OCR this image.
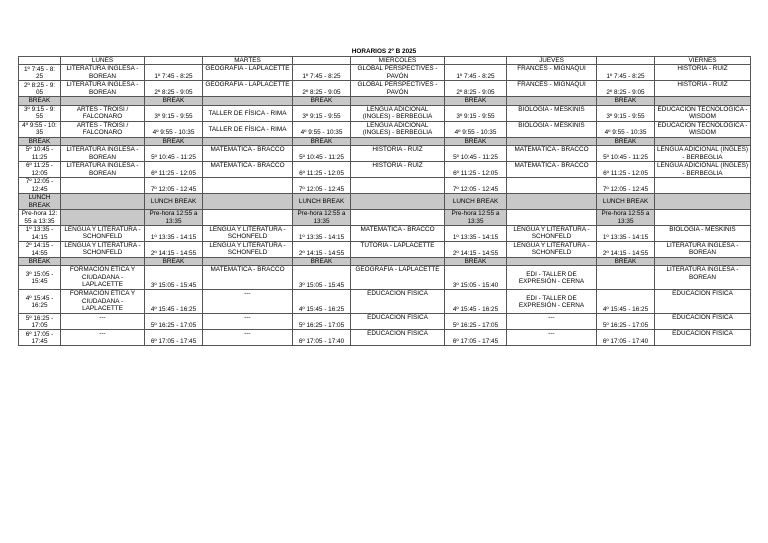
HORARIOS 2º B 2025
	LUNES		MARTES		MIERCOLES		JUEVES		VIERNES
1º 7:45 - 8: 25	LITERATURA INGLESA - BOREAN	1º 7:45 - 8:25	GEOGRAFÍA - LAPLACETTE	1º 7:45 - 8:25	GLOBAL PERSPECTIVES - PAVÓN	1º 7:45 - 8:25	FRANCÉS - MIGNAQUI	1º 7:45 - 8:25	HISTORIA - RUIZ
2º 8:25 - 9: 05	LITERATURA INGLESA - BOREAN	2º 8:25 - 9:05	GEOGRAFÍA - LAPLACETTE	2º 8:25 - 9:05	GLOBAL PERSPECTIVES - PAVÓN	2º 8:25 - 9:05	FRANCÉS - MIGNAQUI	2º 8:25 - 9:05	HISTORIA - RUÍZ
BREAK		BREAK		BREAK		BREAK		BREAK	
3º 9:15 - 9: 55	ARTES - TROISI / FALCONARO	3º 9:15 - 9:55	TALLER DE FÍSICA - RIMA	3º 9:15 - 9:55	LENGUA ADICIONAL (INGLES) - BERBEGLIA	3º 9:15 - 9:55	BIOLOGÍA - MESKINIS	3º 9:15 - 9:55	EDUCACIÓN TECNOLÓGICA - WISDOM
4º 9:55 - 10: 35	ARTES - TROISI / FALCONARO	4º 9:55 - 10:35	TALLER DE FÍSICA - RIMA	4º 9:55 - 10:35	LENGUA ADICIONAL (INGLES) - BERBEGLIA	4º 9:55 - 10:35	BIOLOGÍA - MESKINIS	4º 9:55 - 10:35	EDUCACIÓN TECNOLÓGICA - WISDOM
BREAK		BREAK		BREAK		BREAK		BREAK	
5º 10:45 - 11:25	LITERATURA INGLESA - BOREAN	5º 10:45 - 11:25	MATEMÁTICA - BRACCO	5º 10:45 - 11:25	HISTORIA - RUÍZ	5º 10:45 - 11:25	MATEMÁTICA - BRACCO	5º 10:45 - 11:25	LENGUA ADICIONAL (INGLES) - BERBEGLIA
6º 11:25 - 12:05	LITERATURA INGLESA - BOREAN	6º 11:25 - 12:05	MATEMÁTICA - BRACCO	6º 11:25 - 12:05	HISTORIA - RUÍZ	6º 11:25 - 12:05	MATEMÁTICA - BRACCO	6º 11:25 - 12:05	LENGUA ADICIONAL (INGLES) - BERBEGLIA
7º 12:05 - 12:45		7º 12:05 - 12:45		7º 12:05 - 12:45		7º 12:05 - 12:45		7º 12:05 - 12:45	
LUNCH BREAK		LUNCH BREAK		LUNCH BREAK		LUNCH BREAK		LUNCH BREAK	
Pre-hora 12: 55 a 13:35		Pre-hora 12:55 a 13:35		Pre-hora 12:55 a 13:35		Pre-hora 12:55 a 13:35		Pre-hora 12:55 a 13:35	
1º 13:35 - 14:15	LENGUA Y LITERATURA - SCHONFELD	1º 13:35 - 14:15	LENGUA Y LITERATURA - SCHONFELD	1º 13:35 - 14:15	MATEMÁTICA - BRACCO	1º 13:35 - 14:15	LENGUA Y LITERATURA - SCHONFELD	1º 13:35 - 14:15	BIOLOGÍA - MESKINIS
2º 14:15 - 14:55	LENGUA Y LITERATURA - SCHONFELD	2º 14:15 - 14:55	LENGUA Y LITERATURA - SCHONFELD	2º 14:15 - 14:55	TUTORÍA - LAPLACETTE	2º 14:15 - 14:55	LENGUA Y LITERATURA - SCHONFELD	2º 14:15 - 14:55	LITERATURA INGLESA - BOREAN
BREAK		BREAK		BREAK		BREAK		BREAK	
3º 15:05 - 15:45	FORMACIÓN ÉTICA Y CIUDADANA - LAPLACETTE	3º 15:05 - 15:45	MATEMÁTICA - BRACCO	3º 15:05 - 15:45	GEOGRAFÍA - LAPLACETTE	3º 15:05 - 15:40	EDI - TALLER DE EXPRESIÓN - CERNA		LITERATURA INGLESA - BOREAN
4º 15:45 - 16:25	FORMACIÓN ÉTICA Y CIUDADANA - LAPLACETTE	4º 15:45 - 16:25	---	4º 15:45 - 16:25	EDUCACIÓN FÍSICA	4º 15:45 - 16:25	EDI - TALLER DE EXPRESIÓN - CERNA	4º 15:45 - 16:25	EDUCACIÓN FÍSICA
5º 16:25 - 17:05	---	5º 16:25 - 17:05	---	5º 16:25 - 17:05	EDUCACIÓN FÍSICA	5º 16:25 - 17:05	---	5º 16:25 - 17:05	EDUCACIÓN FÍSICA
6º 17:05 - 17:45	---	6º 17:05 - 17:45	---	6º 17:05 - 17:40	EDUCACIÓN FÍSICA	6º 17:05 - 17:45	---	6º 17:05 - 17:40	EDUCACIÓN FÍSICA
